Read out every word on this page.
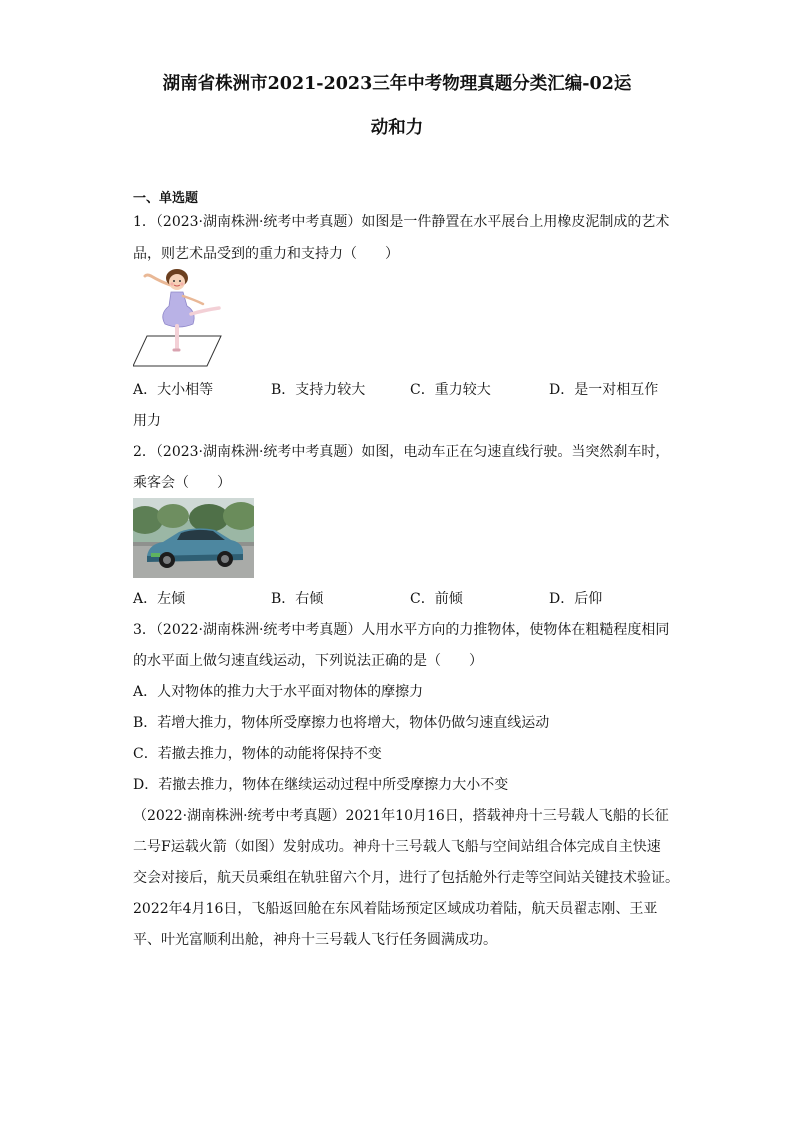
湖南省株洲市2021-2023三年中考物理真题分类汇编-02运
动和力
一、单选题
1．（2023·湖南株洲·统考中考真题）如图是一件静置在水平展台上用橡皮泥制成的艺术
品，则艺术品受到的重力和支持力（　　）
A．大小相等	B．支持力较大	C．重力较大	D．是一对相互作
用力
2．（2023·湖南株洲·统考中考真题）如图，电动车正在匀速直线行驶。当突然刹车时，
乘客会（　　）
A．左倾	B．右倾	C．前倾	D．后仰
3．（2022·湖南株洲·统考中考真题）人用水平方向的力推物体，使物体在粗糙程度相同
的水平面上做匀速直线运动，下列说法正确的是（　　）
A．人对物体的推力大于水平面对物体的摩擦力
B．若增大推力，物体所受摩擦力也将增大，物体仍做匀速直线运动
C．若撤去推力，物体的动能将保持不变
D．若撤去推力，物体在继续运动过程中所受摩擦力大小不变
（2022·湖南株洲·统考中考真题）2021年10月16日，搭载神舟十三号载人飞船的长征
二号F运载火箭（如图）发射成功。神舟十三号载人飞船与空间站组合体完成自主快速
交会对接后，航天员乘组在轨驻留六个月，进行了包括舱外行走等空间站关键技术验证。
2022年4月16日，飞船返回舱在东风着陆场预定区域成功着陆，航天员翟志刚、王亚
平、叶光富顺利出舱，神舟十三号载人飞行任务圆满成功。
